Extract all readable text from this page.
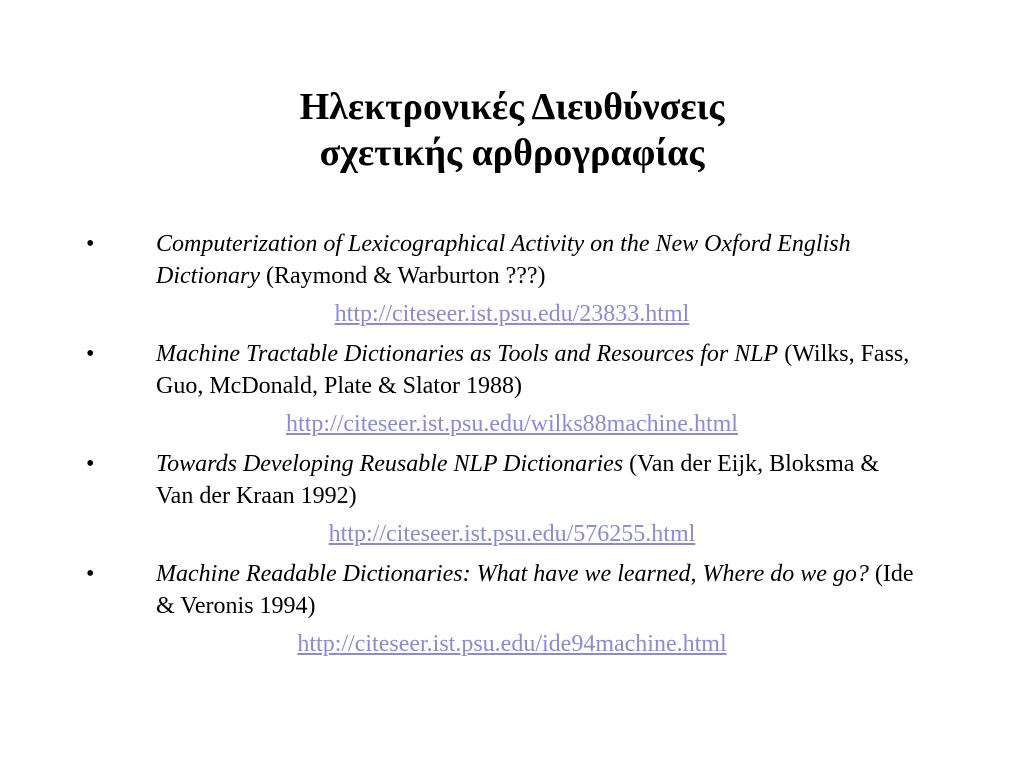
Ηλεκτρονικές Διευθύνσεις
σχετικής αρθρογραφίας
•	Computerization of Lexicographical Activity on the New Oxford English Dictionary (Raymond & Warburton ???)
http://citeseer.ist.psu.edu/23833.html
•	Machine Tractable Dictionaries as Tools and Resources for NLP (Wilks, Fass, Guo, McDonald, Plate & Slator 1988)
http://citeseer.ist.psu.edu/wilks88machine.html
•	Towards Developing Reusable NLP Dictionaries (Van der Eijk, Bloksma & Van der Kraan 1992)
http://citeseer.ist.psu.edu/576255.html
•	Machine Readable Dictionaries: What have we learned, Where do we go? (Ide & Veronis 1994)
http://citeseer.ist.psu.edu/ide94machine.html
